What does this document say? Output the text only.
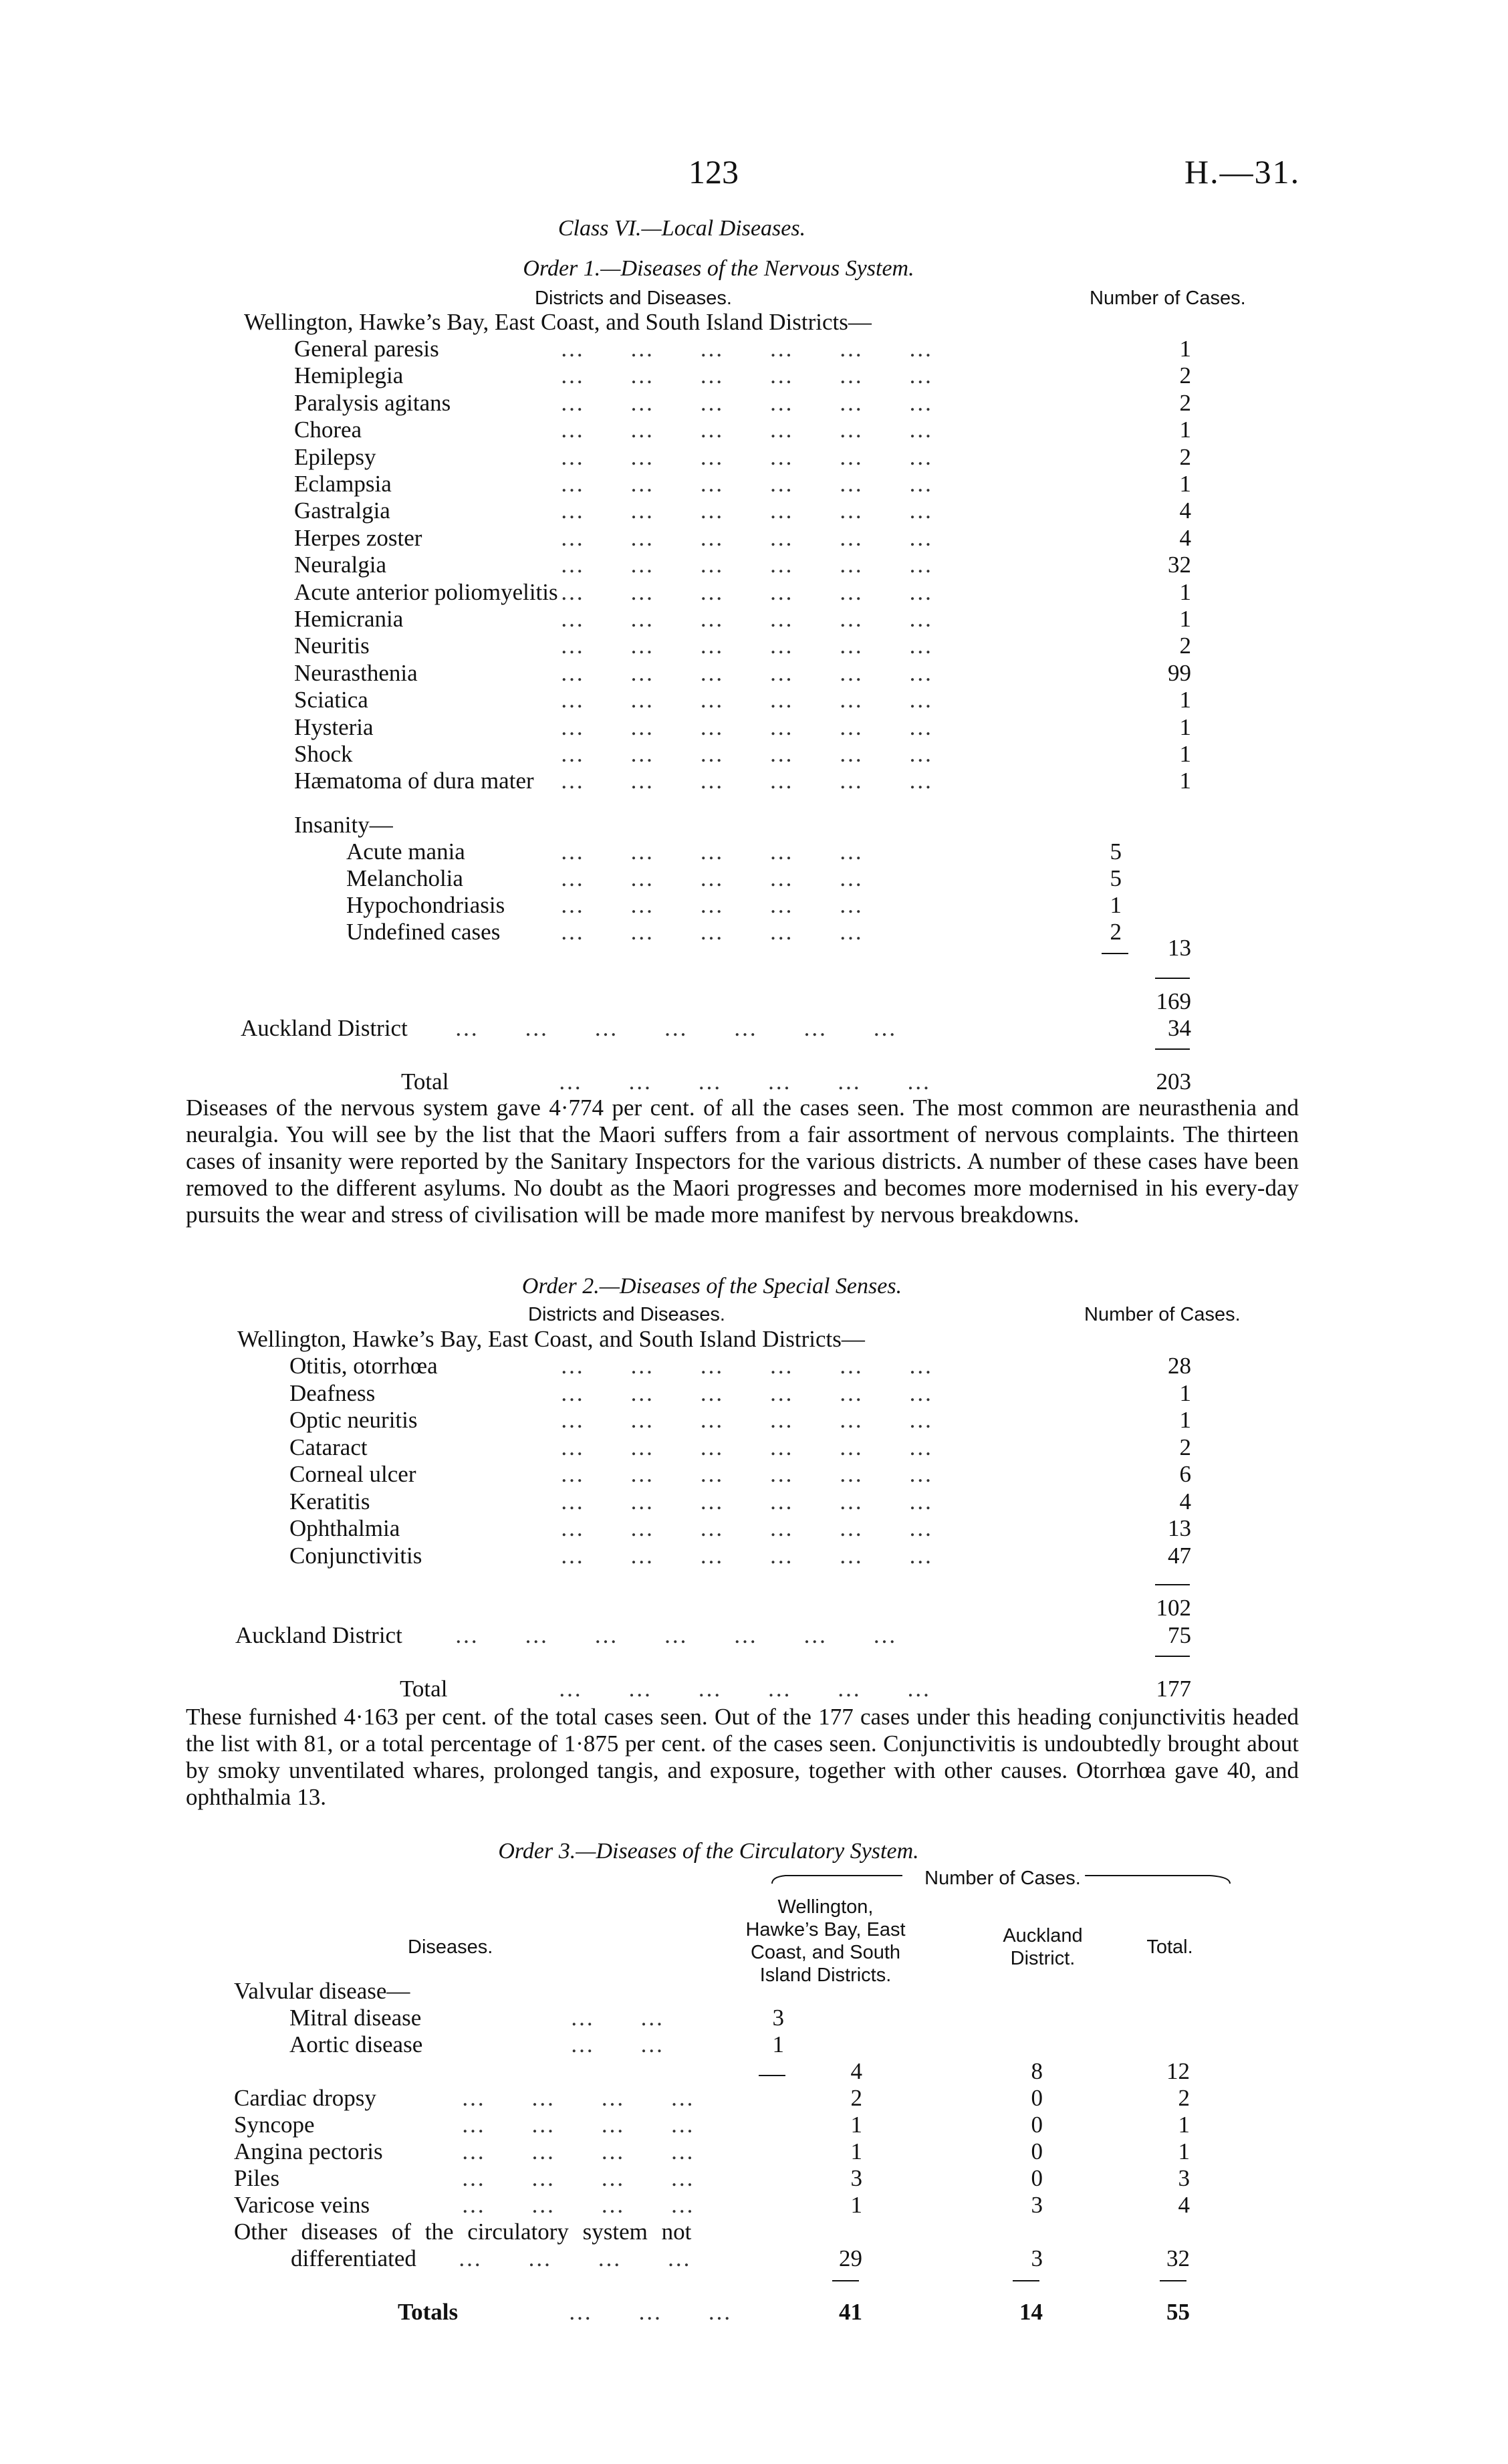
123	H.—31.
Class VI.—Local Diseases.
Order 1.—Diseases of the Nervous System.
Districts and Diseases.	Number of Cases.
Wellington, Hawke’s Bay, East Coast, and South Island Districts—
General paresis	…       …       …       …       …       …	1
Hemiplegia	…       …       …       …       …       …	2
Paralysis agitans	…       …       …       …       …       …	2
Chorea	…       …       …       …       …       …	1
Epilepsy	…       …       …       …       …       …	2
Eclampsia	…       …       …       …       …       …	1
Gastralgia	…       …       …       …       …       …	4
Herpes zoster	…       …       …       …       …       …	4
Neuralgia	…       …       …       …       …       …	32
Acute anterior poliomyelitis …       …       …       …       …       …	1
Hemicrania	…       …       …       …       …       …	1
Neuritis	…       …       …       …       …       …	2
Neurasthenia	…       …       …       …       …       …	99
Sciatica	…       …       …       …       …       …	1
Hysteria	…       …       …       …       …       …	1
Shock	…       …       …       …       …       …	1
Hæmatoma of dura mater …       …       …       …       …       …	1
Insanity—
Acute mania	…       …       …       …       …	5
Melancholia	…       …       …       …       …	5
Hypochondriasis …       …       …       …       …	1
Undefined cases	…       …       …       …       …	2
13
169
Auckland District …       …       …       …       …       …       …	34
Total	…       …       …       …       …       …	203

Diseases of the nervous system gave 4·774 per cent. of all the cases seen. The most common are neurasthenia and neuralgia. You will see by the list that the Maori suffers from a fair assortment of nervous complaints. The thirteen cases of insanity were reported by the Sanitary Inspectors for the various districts. A number of these cases have been removed to the different asylums. No doubt as the Maori progresses and becomes more modernised in his every-day pursuits the wear and stress of civilisation will be made more manifest by nervous breakdowns.

Order 2.—Diseases of the Special Senses.
Districts and Diseases.	Number of Cases.
Wellington, Hawke’s Bay, East Coast, and South Island Districts—
Otitis, otorrhœa	…       …       …       …       …       …	28
Deafness	…       …       …       …       …       …	1
Optic neuritis	…       …       …       …       …       …	1
Cataract	…       …       …       …       …       …	2
Corneal ulcer	…       …       …       …       …       …	6
Keratitis	…       …       …       …       …       …	4
Ophthalmia	…       …       …       …       …       …	13
Conjunctivitis	…       …       …       …       …       …	47
102
Auckland District …       …       …       …       …       …       …	75
Total	…       …       …       …       …       …	177

These furnished 4·163 per cent. of the total cases seen. Out of the 177 cases under this heading conjunctivitis headed the list with 81, or a total percentage of 1·875 per cent. of the cases seen. Conjunctivitis is undoubtedly brought about by smoky unventilated whares, prolonged tangis, and exposure, together with other causes. Otorrhœa gave 40, and ophthalmia 13.

Order 3.—Diseases of the Circulatory System.
Number of Cases.
Wellington, Hawke’s Bay, East Coast, and South Island Districts.
Auckland District.
Total.
Diseases.
Valvular disease—
Mitral disease	…       …	3
Aortic disease	…       …	1
4	8	12
Cardiac dropsy	…       …       …       …	2	0	2
Syncope	…       …       …       …	1	0	1
Angina pectoris	…       …       …       …	1	0	1
Piles	…       …       …       …	3	0	3
Varicose veins	…       …       …       …	1	3	4
Other diseases of the circulatory system not
differentiated …       …       …       …	29	3	32
Totals	…       …       …	41	14	55
